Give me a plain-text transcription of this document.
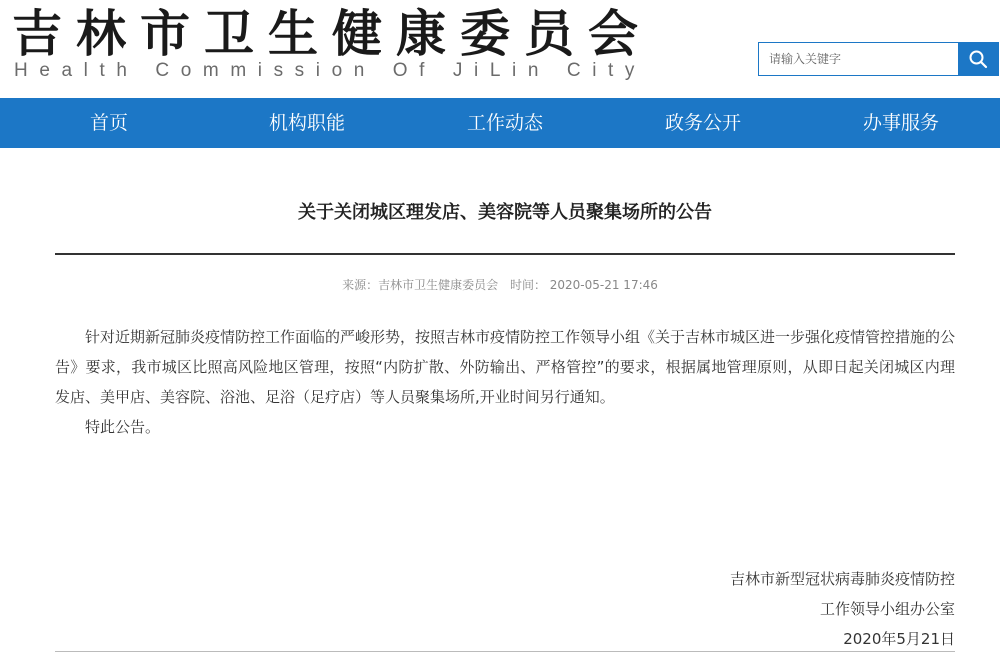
吉林市卫生健康委员会
Health Commission Of JiLin City
请输入关键字
首页	机构职能	工作动态	政务公开	办事服务
关于关闭城区理发店、美容院等人员聚集场所的公告
来源：吉林市卫生健康委员会 时间： 2020-05-21 17:46

针对近期新冠肺炎疫情防控工作面临的严峻形势，按照吉林市疫情防控工作领导小组《关于吉林市城区进一步强化疫情管控措施的公告》要求，我市城区比照高风险地区管理，按照“内防扩散、外防输出、严格管控”的要求，根据属地管理原则，从即日起关闭城区内理发店、美甲店、美容院、浴池、足浴（足疗店）等人员聚集场所,开业时间另行通知。

特此公告。

吉林市新型冠状病毒肺炎疫情防控
工作领导小组办公室
2020年5月21日
